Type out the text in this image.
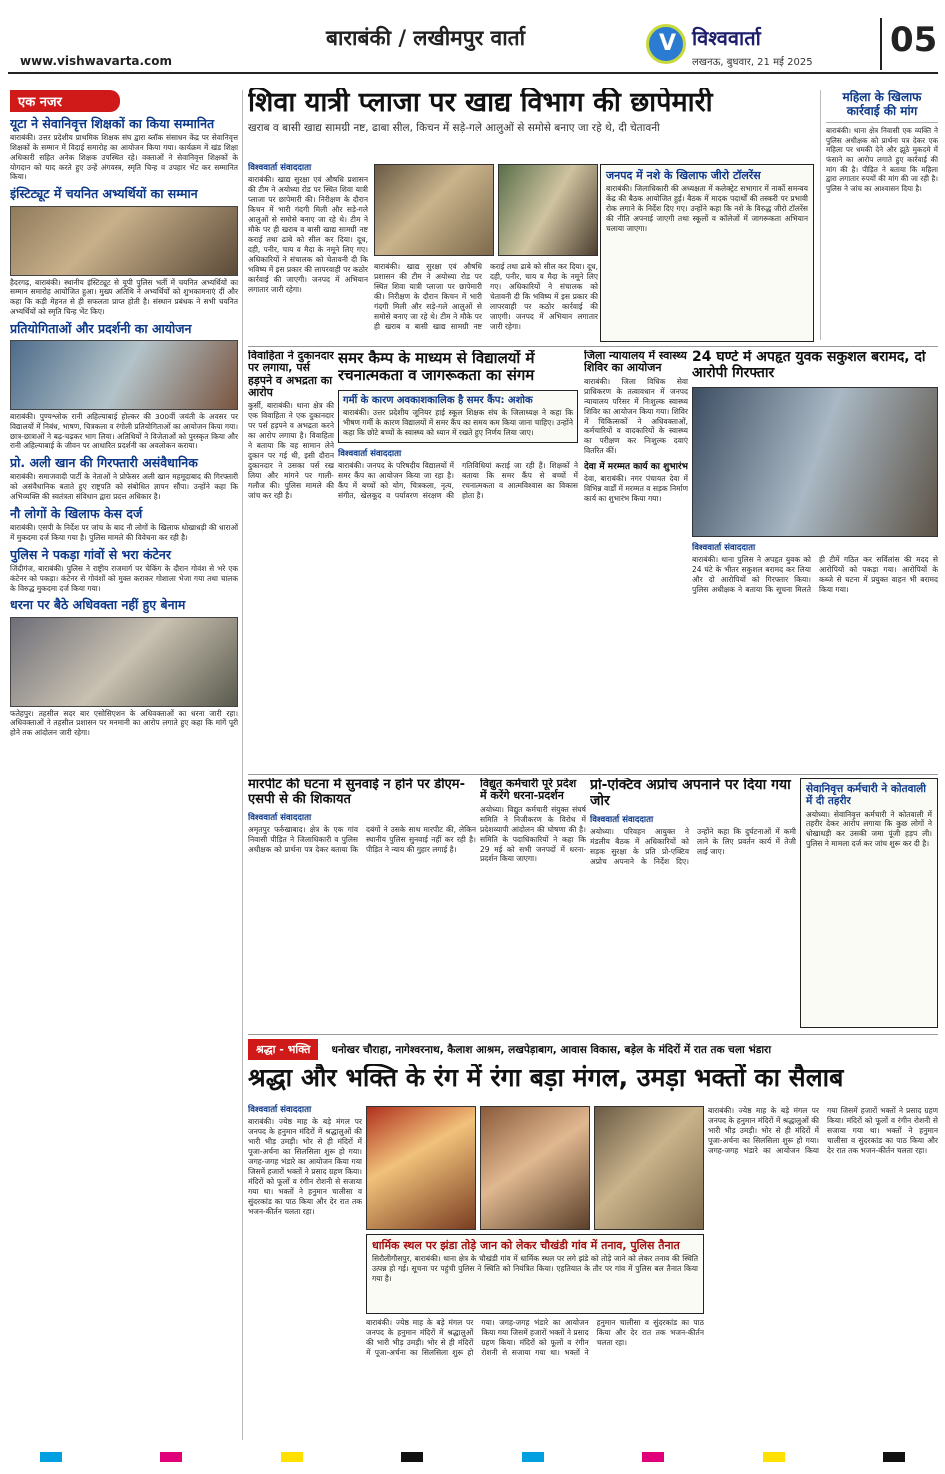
बाराबंकी / लखीमपुर वार्ता
www.vishwavarta.com
V
विश्ववार्ता
लखनऊ, बुधवार, 21 मई 2025
05
एक नजर
यूटा ने सेवानिवृत्त शिक्षकों का किया सम्मानित
बाराबंकी। उत्तर प्रदेशीय प्राथमिक शिक्षक संघ द्वारा ब्लॉक संसाधन केंद्र पर सेवानिवृत्त शिक्षकों के सम्मान में विदाई समारोह का आयोजन किया गया। कार्यक्रम में खंड शिक्षा अधिकारी सहित अनेक शिक्षक उपस्थित रहे। वक्ताओं ने सेवानिवृत्त शिक्षकों के योगदान को याद करते हुए उन्हें अंगवस्त्र, स्मृति चिन्ह व उपहार भेंट कर सम्मानित किया।
इंस्टिट्यूट में चयनित अभ्यर्थियों का सम्मान
हैदरगढ़, बाराबंकी। स्थानीय इंस्टिट्यूट से यूपी पुलिस भर्ती में चयनित अभ्यर्थियों का सम्मान समारोह आयोजित हुआ। मुख्य अतिथि ने अभ्यर्थियों को शुभकामनाएं दीं और कहा कि कड़ी मेहनत से ही सफलता प्राप्त होती है। संस्थान प्रबंधक ने सभी चयनित अभ्यर्थियों को स्मृति चिन्ह भेंट किए।
प्रतियोगिताओं और प्रदर्शनी का आयोजन
बाराबंकी। पुण्यश्लोक रानी अहिल्याबाई होल्कर की 300वीं जयंती के अवसर पर विद्यालयों में निबंध, भाषण, चित्रकला व रंगोली प्रतियोगिताओं का आयोजन किया गया। छात्र-छात्राओं ने बढ़-चढ़कर भाग लिया। अतिथियों ने विजेताओं को पुरस्कृत किया और रानी अहिल्याबाई के जीवन पर आधारित प्रदर्शनी का अवलोकन कराया।
प्रो. अली खान की गिरफ्तारी असंवैधानिक
बाराबंकी। समाजवादी पार्टी के नेताओं ने प्रोफेसर अली खान महमूदाबाद की गिरफ्तारी को असंवैधानिक बताते हुए राष्ट्रपति को संबोधित ज्ञापन सौंपा। उन्होंने कहा कि अभिव्यक्ति की स्वतंत्रता संविधान द्वारा प्रदत्त अधिकार है।
नौ लोगों के खिलाफ केस दर्ज
बाराबंकी। एसपी के निर्देश पर जांच के बाद नौ लोगों के खिलाफ धोखाधड़ी की धाराओं में मुकदमा दर्ज किया गया है। पुलिस मामले की विवेचना कर रही है।
पुलिस ने पकड़ा गांवों से भरा कंटेनर
जिंदीगंज, बाराबंकी। पुलिस ने राष्ट्रीय राजमार्ग पर चेकिंग के दौरान गोवंश से भरे एक कंटेनर को पकड़ा। कंटेनर से गोवंशों को मुक्त कराकर गोशाला भेजा गया तथा चालक के विरुद्ध मुकदमा दर्ज किया गया।
धरना पर बैठे अधिवक्ता नहीं हुए बेनाम
फतेहपुर। तहसील सदर बार एसोसिएशन के अधिवक्ताओं का धरना जारी रहा। अधिवक्ताओं ने तहसील प्रशासन पर मनमानी का आरोप लगाते हुए कहा कि मांगें पूरी होने तक आंदोलन जारी रहेगा।
शिवा यात्री प्लाजा पर खाद्य विभाग की छापेमारी
खराब व बासी खाद्य सामग्री नष्ट, ढाबा सील, किचन में सड़े-गले आलुओं से समोसे बनाए जा रहे थे, दी चेतावनी
विश्ववार्ता संवाददाता
बाराबंकी। खाद्य सुरक्षा एवं औषधि प्रशासन की टीम ने अयोध्या रोड पर स्थित शिवा यात्री प्लाजा पर छापेमारी की। निरीक्षण के दौरान किचन में भारी गंदगी मिली और सड़े-गले आलुओं से समोसे बनाए जा रहे थे। टीम ने मौके पर ही खराब व बासी खाद्य सामग्री नष्ट कराई तथा ढाबे को सील कर दिया। दूध, दही, पनीर, चाय व मैदा के नमूने लिए गए। अधिकारियों ने संचालक को चेतावनी दी कि भविष्य में इस प्रकार की लापरवाही पर कठोर कार्रवाई की जाएगी। जनपद में अभियान लगातार जारी रहेगा।
बाराबंकी। खाद्य सुरक्षा एवं औषधि प्रशासन की टीम ने अयोध्या रोड पर स्थित शिवा यात्री प्लाजा पर छापेमारी की। निरीक्षण के दौरान किचन में भारी गंदगी मिली और सड़े-गले आलुओं से समोसे बनाए जा रहे थे। टीम ने मौके पर ही खराब व बासी खाद्य सामग्री नष्ट कराई तथा ढाबे को सील कर दिया। दूध, दही, पनीर, चाय व मैदा के नमूने लिए गए। अधिकारियों ने संचालक को चेतावनी दी कि भविष्य में इस प्रकार की लापरवाही पर कठोर कार्रवाई की जाएगी। जनपद में अभियान लगातार जारी रहेगा।
जनपद में नशे के खिलाफ जीरो टॉलरेंस
बाराबंकी। जिलाधिकारी की अध्यक्षता में कलेक्ट्रेट सभागार में नार्को समन्वय केंद्र की बैठक आयोजित हुई। बैठक में मादक पदार्थों की तस्करी पर प्रभावी रोक लगाने के निर्देश दिए गए। उन्होंने कहा कि नशे के विरुद्ध जीरो टॉलरेंस की नीति अपनाई जाएगी तथा स्कूलों व कॉलेजों में जागरूकता अभियान चलाया जाएगा।
महिला के खिलाफ कार्रवाई की मांग
बाराबंकी। थाना क्षेत्र निवासी एक व्यक्ति ने पुलिस अधीक्षक को प्रार्थना पत्र देकर एक महिला पर धमकी देने और झूठे मुकदमे में फंसाने का आरोप लगाते हुए कार्रवाई की मांग की है। पीड़ित ने बताया कि महिला द्वारा लगातार रुपयों की मांग की जा रही है। पुलिस ने जांच का आश्वासन दिया है।
विवाहिता ने दुकानदार पर लगाया, पर्स हड़पने व अभद्रता का आरोप
कुर्सी, बाराबंकी। थाना क्षेत्र की एक विवाहिता ने एक दुकानदार पर पर्स हड़पने व अभद्रता करने का आरोप लगाया है। विवाहिता ने बताया कि वह सामान लेने दुकान पर गई थी, इसी दौरान दुकानदार ने उसका पर्स रख लिया और मांगने पर गाली-गलौज की। पुलिस मामले की जांच कर रही है।
समर कैम्प के माध्यम से विद्यालयों में रचनात्मकता व जागरूकता का संगम
गर्मी के कारण अवकाशकालिक है समर कैंप: अशोक
बाराबंकी। उत्तर प्रदेशीय जूनियर हाई स्कूल शिक्षक संघ के जिलाध्यक्ष ने कहा कि भीषण गर्मी के कारण विद्यालयों में समर कैंप का समय कम किया जाना चाहिए। उन्होंने कहा कि छोटे बच्चों के स्वास्थ्य को ध्यान में रखते हुए निर्णय लिया जाए।
विश्ववार्ता संवाददाता
बाराबंकी। जनपद के परिषदीय विद्यालयों में समर कैंप का आयोजन किया जा रहा है। कैंप में बच्चों को योग, चित्रकला, नृत्य, संगीत, खेलकूद व पर्यावरण संरक्षण की गतिविधियां कराई जा रही हैं। शिक्षकों ने बताया कि समर कैंप से बच्चों में रचनात्मकता व आत्मविश्वास का विकास होता है।
जिला न्यायालय में स्वास्थ्य शिविर का आयोजन
बाराबंकी। जिला विधिक सेवा प्राधिकरण के तत्वावधान में जनपद न्यायालय परिसर में निःशुल्क स्वास्थ्य शिविर का आयोजन किया गया। शिविर में चिकित्सकों ने अधिवक्ताओं, कर्मचारियों व वादकारियों के स्वास्थ्य का परीक्षण कर निःशुल्क दवाएं वितरित कीं।
देवा में मरम्मत कार्य का शुभारंभ
देवा, बाराबंकी। नगर पंचायत देवा में विभिन्न वार्डों में मरम्मत व सड़क निर्माण कार्य का शुभारंभ किया गया।
24 घण्टे में अपहृत युवक सकुशल बरामद, दो आरोपी गिरफ्तार
विश्ववार्ता संवाददाता
बाराबंकी। थाना पुलिस ने अपहृत युवक को 24 घंटे के भीतर सकुशल बरामद कर लिया और दो आरोपियों को गिरफ्तार किया। पुलिस अधीक्षक ने बताया कि सूचना मिलते ही टीमें गठित कर सर्विलांस की मदद से आरोपियों को पकड़ा गया। आरोपियों के कब्जे से घटना में प्रयुक्त वाहन भी बरामद किया गया।
मारपीट की घटना में सुनवाई न होने पर डीएम-एसपी से की शिकायत
विश्ववार्ता संवाददाता
अमृतपुर फर्रुखाबाद। क्षेत्र के एक गांव निवासी पीड़ित ने जिलाधिकारी व पुलिस अधीक्षक को प्रार्थना पत्र देकर बताया कि दबंगों ने उसके साथ मारपीट की, लेकिन स्थानीय पुलिस सुनवाई नहीं कर रही है। पीड़ित ने न्याय की गुहार लगाई है।
विद्युत कर्मचारी पूरे प्रदेश में करेंगे धरना-प्रदर्शन
अयोध्या। विद्युत कर्मचारी संयुक्त संघर्ष समिति ने निजीकरण के विरोध में प्रदेशव्यापी आंदोलन की घोषणा की है। समिति के पदाधिकारियों ने कहा कि 29 मई को सभी जनपदों में धरना-प्रदर्शन किया जाएगा।
प्रो-एक्टिव अप्रोच अपनाने पर दिया गया जोर
विश्ववार्ता संवाददाता
अयोध्या। परिवहन आयुक्त ने मंडलीय बैठक में अधिकारियों को सड़क सुरक्षा के प्रति प्रो-एक्टिव अप्रोच अपनाने के निर्देश दिए। उन्होंने कहा कि दुर्घटनाओं में कमी लाने के लिए प्रवर्तन कार्य में तेजी लाई जाए।
सेवानिवृत्त कर्मचारी ने कोतवाली में दी तहरीर
अयोध्या। सेवानिवृत्त कर्मचारी ने कोतवाली में तहरीर देकर आरोप लगाया कि कुछ लोगों ने धोखाधड़ी कर उसकी जमा पूंजी हड़प ली। पुलिस ने मामला दर्ज कर जांच शुरू कर दी है।
श्रद्धा - भक्ति धनोखर चौराहा, नागेश्वरनाथ, कैलाश आश्रम, लखपेड़ाबाग, आवास विकास, बड़ेल के मंदिरों में रात तक चला भंडारा
श्रद्धा और भक्ति के रंग में रंगा बड़ा मंगल, उमड़ा भक्तों का सैलाब
विश्ववार्ता संवाददाता
बाराबंकी। ज्येष्ठ माह के बड़े मंगल पर जनपद के हनुमान मंदिरों में श्रद्धालुओं की भारी भीड़ उमड़ी। भोर से ही मंदिरों में पूजा-अर्चना का सिलसिला शुरू हो गया। जगह-जगह भंडारे का आयोजन किया गया जिसमें हजारों भक्तों ने प्रसाद ग्रहण किया। मंदिरों को फूलों व रंगीन रोशनी से सजाया गया था। भक्तों ने हनुमान चालीसा व सुंदरकांड का पाठ किया और देर रात तक भजन-कीर्तन चलता रहा।
धार्मिक स्थल पर झंडा तोड़े जान को लेकर चौखंडी गांव में तनाव, पुलिस तैनात
सिरौलीगौसपुर, बाराबंकी। थाना क्षेत्र के चौखंडी गांव में धार्मिक स्थल पर लगे झंडे को तोड़े जाने को लेकर तनाव की स्थिति उत्पन्न हो गई। सूचना पर पहुंची पुलिस ने स्थिति को नियंत्रित किया। एहतियात के तौर पर गांव में पुलिस बल तैनात किया गया है।
बाराबंकी। ज्येष्ठ माह के बड़े मंगल पर जनपद के हनुमान मंदिरों में श्रद्धालुओं की भारी भीड़ उमड़ी। भोर से ही मंदिरों में पूजा-अर्चना का सिलसिला शुरू हो गया। जगह-जगह भंडारे का आयोजन किया गया जिसमें हजारों भक्तों ने प्रसाद ग्रहण किया। मंदिरों को फूलों व रंगीन रोशनी से सजाया गया था। भक्तों ने हनुमान चालीसा व सुंदरकांड का पाठ किया और देर रात तक भजन-कीर्तन चलता रहा।
बाराबंकी। ज्येष्ठ माह के बड़े मंगल पर जनपद के हनुमान मंदिरों में श्रद्धालुओं की भारी भीड़ उमड़ी। भोर से ही मंदिरों में पूजा-अर्चना का सिलसिला शुरू हो गया। जगह-जगह भंडारे का आयोजन किया गया जिसमें हजारों भक्तों ने प्रसाद ग्रहण किया। मंदिरों को फूलों व रंगीन रोशनी से सजाया गया था। भक्तों ने हनुमान चालीसा व सुंदरकांड का पाठ किया और देर रात तक भजन-कीर्तन चलता रहा।
